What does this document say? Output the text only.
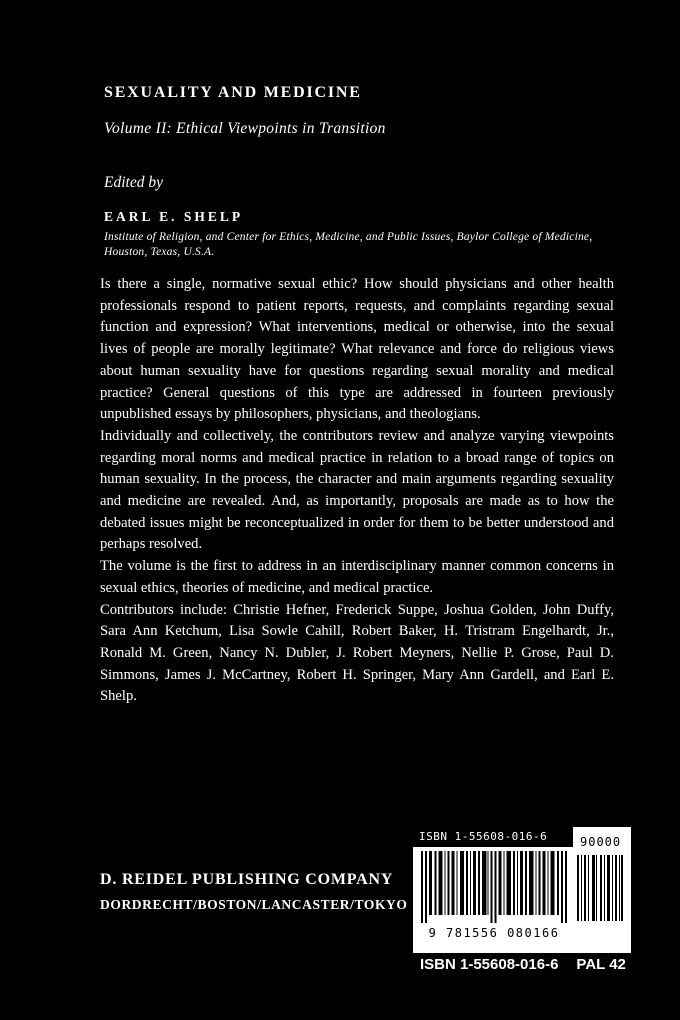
SEXUALITY AND MEDICINE
Volume II: Ethical Viewpoints in Transition
Edited by
EARL E. SHELP
Institute of Religion, and Center for Ethics, Medicine, and Public Issues, Baylor College of Medicine, Houston, Texas, U.S.A.

Is there a single, normative sexual ethic? How should physicians and other health professionals respond to patient reports, requests, and complaints regarding sexual function and expression? What interventions, medical or otherwise, into the sexual lives of people are morally legitimate? What relevance and force do religious views about human sexuality have for questions regarding sexual morality and medical practice? General questions of this type are addressed in fourteen previously unpublished essays by philosophers, physicians, and theologians.

Individually and collectively, the contributors review and analyze varying viewpoints regarding moral norms and medical practice in relation to a broad range of topics on human sexuality. In the process, the character and main arguments regarding sexuality and medicine are revealed. And, as importantly, proposals are made as to how the debated issues might be reconceptualized in order for them to be better understood and perhaps resolved.

The volume is the first to address in an interdisciplinary manner common concerns in sexual ethics, theories of medicine, and medical practice.

Contributors include: Christie Hefner, Frederick Suppe, Joshua Golden, John Duffy, Sara Ann Ketchum, Lisa Sowle Cahill, Robert Baker, H. Tristram Engelhardt, Jr., Ronald M. Green, Nancy N. Dubler, J. Robert Meyners, Nellie P. Grose, Paul D. Simmons, James J. McCartney, Robert H. Springer, Mary Ann Gardell, and Earl E. Shelp.

D. REIDEL PUBLISHING COMPANY
DORDRECHT/BOSTON/LANCASTER/TOKYO
ISBN 1-55608-016-6	90000
9 781556 080166
ISBN 1-55608-016-6 PAL 42
